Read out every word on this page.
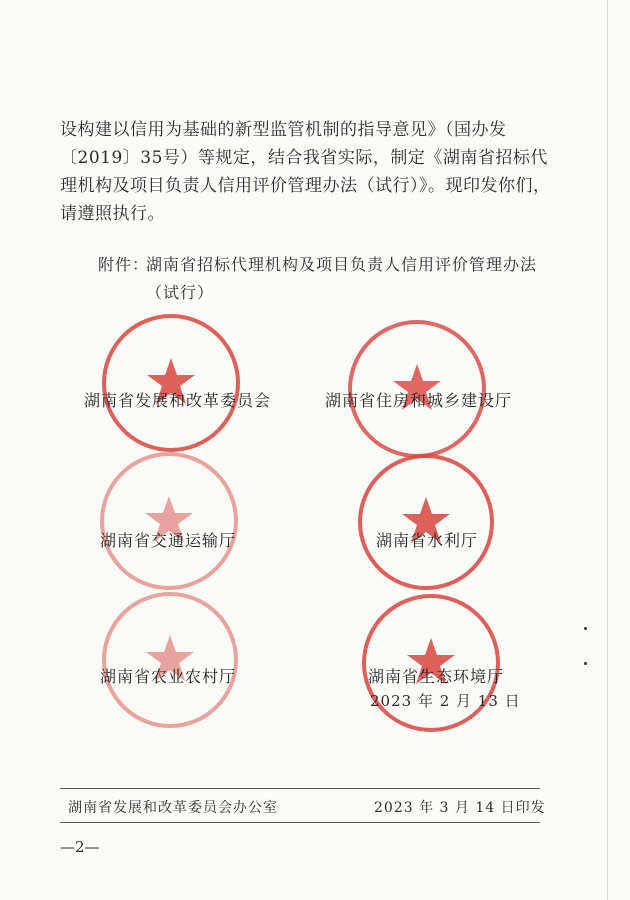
设构建以信用为基础的新型监管机制的指导意见》（国办发
〔2019〕35号）等规定，结合我省实际，制定《湖南省招标代
理机构及项目负责人信用评价管理办法（试行）》。现印发你们，
请遵照执行。
附件：
湖南省招标代理机构及项目负责人信用评价管理办法
（试行）
湖南省发展和改革委员会	湖南省住房和城乡建设厅
湖南省交通运输厅	湖南省水利厅
湖南省农业农村厅	湖南省生态环境厅
2023 年 2 月 13 日
湖南省发展和改革委员会办公室	2023 年 3 月 14 日印发
—2—
